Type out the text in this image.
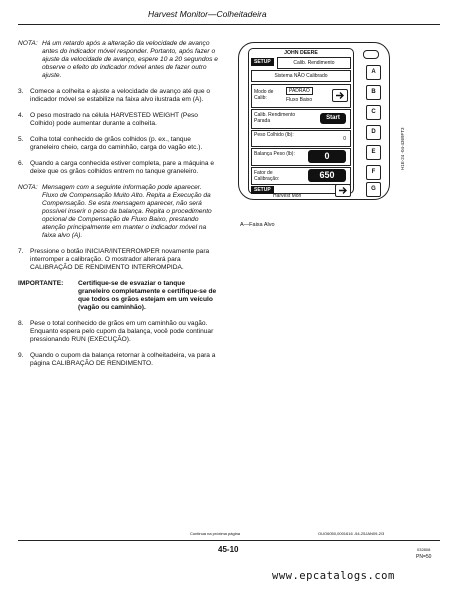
Harvest Monitor—Colheitadeira
NOTA: Há um retardo após a alteração da velocidade de avanço antes do indicador móvel responder. Portanto, após fazer o ajuste da velocidade de avanço, espere 10 a 20 segundos e observe o efeito do indicador móvel antes de fazer outro ajuste.
3. Comece a colheita e ajuste a velocidade de avanço até que o indicador móvel se estabilize na faixa alvo ilustrada em (A).
4. O peso mostrado na célula HARVESTED WEIGHT (Peso Colhido) pode aumentar durante a colheita.
5. Colha total conhecido de grãos colhidos (p. ex., tanque graneleiro cheio, carga do caminhão, carga do vagão etc.).
6. Quando a carga conhecida estiver completa, pare a máquina e deixe que os grãos colhidos entrem no tanque graneleiro.
NOTA: Mensagem com a seguinte informação pode aparecer. Fluxo de Compensação Muito Alto. Repita a Execução da Compensação. Se esta mensagem aparecer, não será possível inserir o peso da balança. Repita o procedimento opcional de Compensação de Fluxo Baixo, prestando atenção principalmente em manter o indicador móvel na faixa alvo (A).
7. Pressione o botão INICIAR/INTERROMPER novamente para interromper a calibração. O mostrador alterará para CALIBRAÇÃO DE RENDIMENTO INTERROMPIDA.
IMPORTANTE:	Certifique-se de esvaziar o tanque graneleiro completamente e certifique-se de que todos os grãos estejam em um veículo (vagão ou caminhão).
8. Pese o total conhecido de grãos em um caminhão ou vagão. Enquanto espera pelo cupom da balança, você pode continuar pressionando RUN (EXECUÇÃO).
9. Quando o cupom da balança retornar à colheitadeira, va para a página CALIBRAÇÃO DE RENDIMENTO.
JOHN DEERE
SETUP	Calib. Rendimento
Sistema NÃO Calibrado
Modo de Calib:
PADRAO
Fluxo Baixo
Calib. Rendimento Parada	Start
Peso Colhido (lb):
0
Balança Peso (lb):	0
Fator de Calibração:	650
SETUP
Harvest Mon
A
B
C
D
E
F
G
A—Faixa Alvo
H1E-24 -04-4369FT3
Continua na próxima página	OUO6050,0001616 -54-25JAN09-2/3
45-10	032808
PN=50
www.epcatalogs.com
